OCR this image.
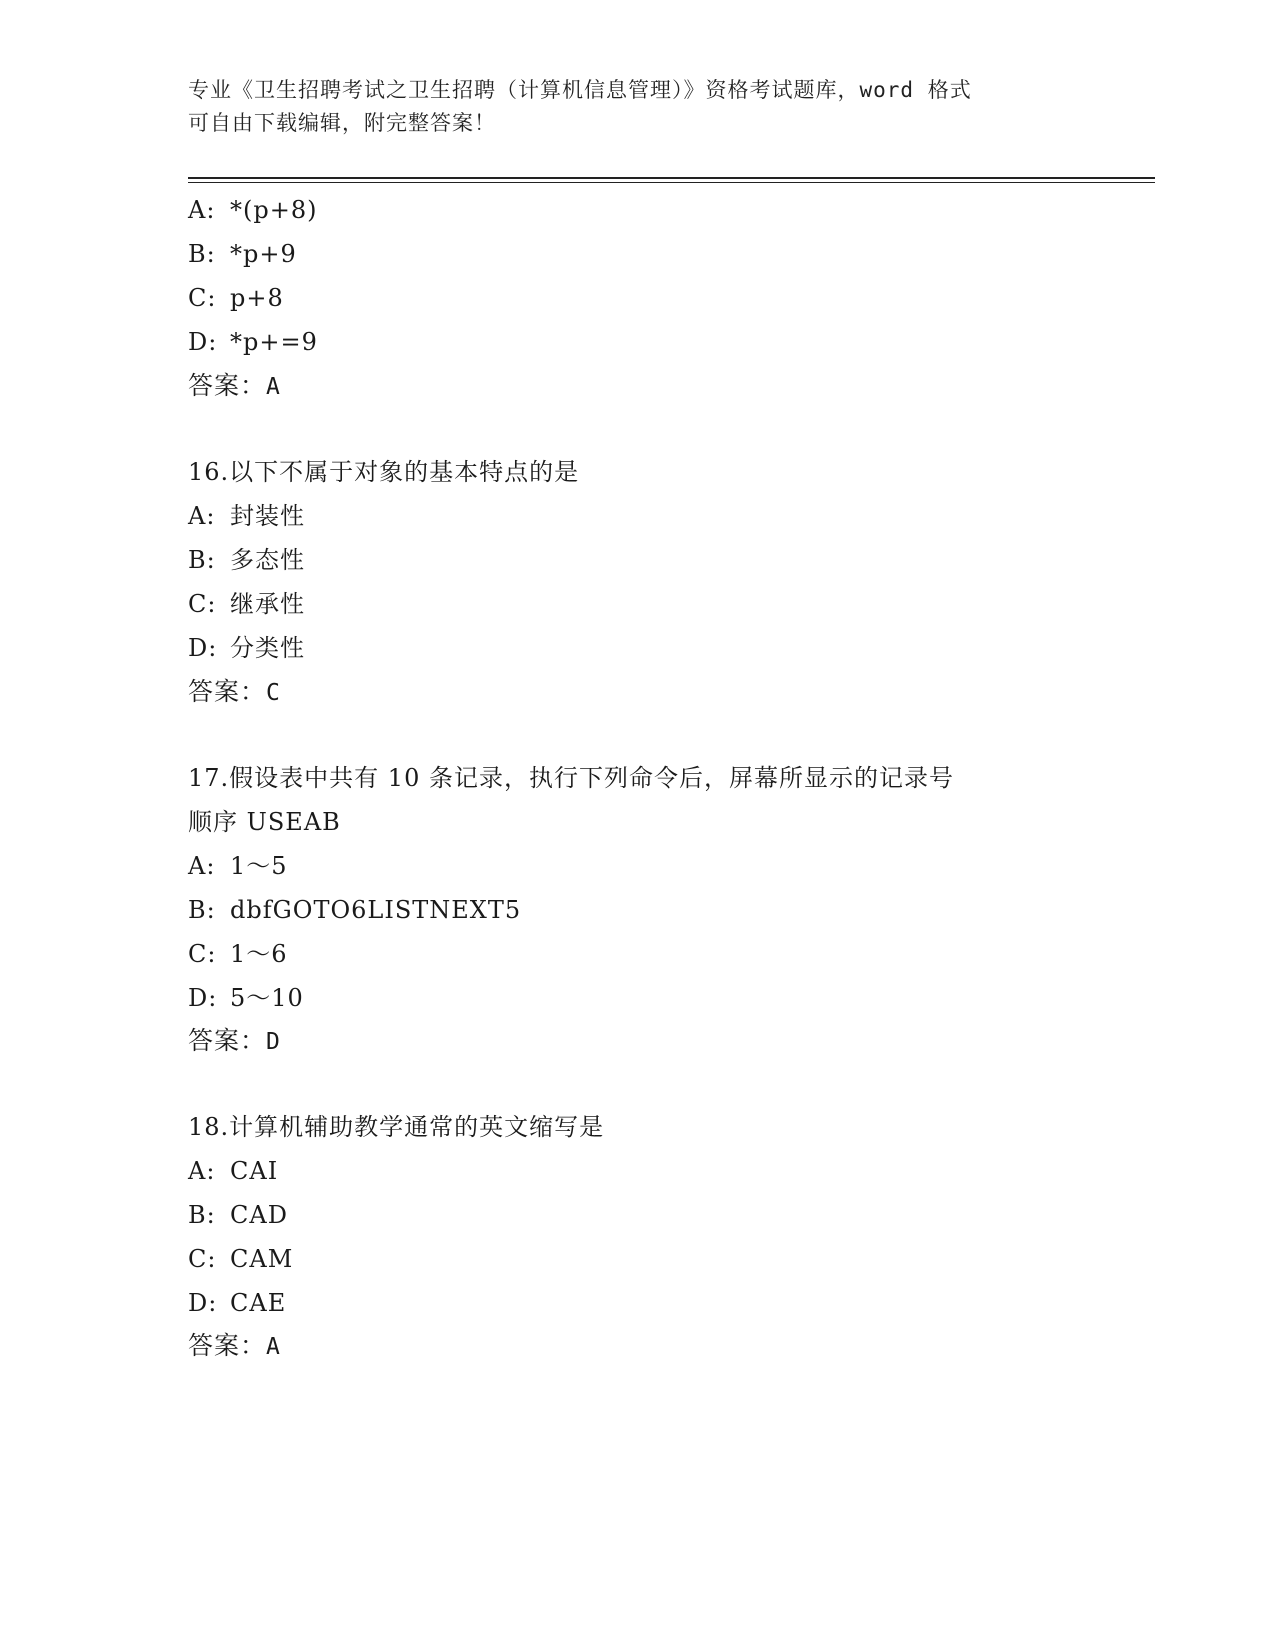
专业《卫生招聘考试之卫生招聘（计算机信息管理）》资格考试题库，word 格式
可自由下载编辑，附完整答案！
A: *(p+8)
B: *p+9
C: p+8
D: *p+=9
答案：A
16.以下不属于对象的基本特点的是
A: 封装性
B: 多态性
C: 继承性
D: 分类性
答案：C
17.假设表中共有 10 条记录，执行下列命令后，屏幕所显示的记录号
顺序 USEAB
A: 1～5
B: dbfGOTO6LISTNEXT5
C: 1～6
D: 5～10
答案：D
18.计算机辅助教学通常的英文缩写是
A: CAI
B: CAD
C: CAM
D: CAE
答案：A
